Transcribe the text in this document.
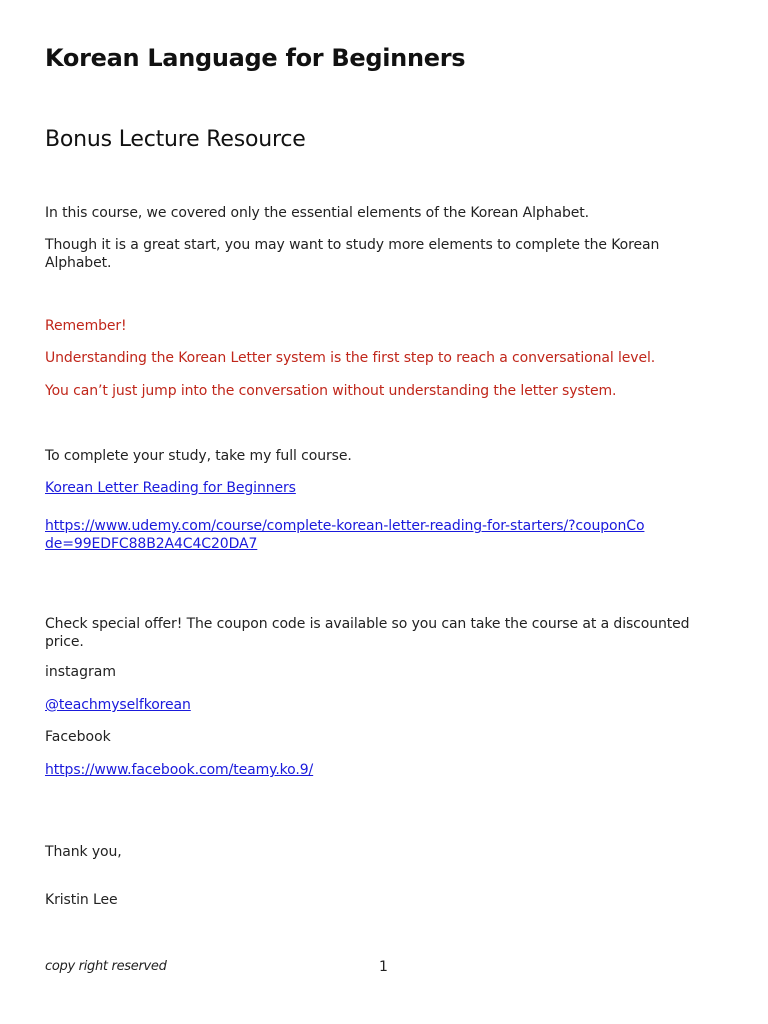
Korean Language for Beginners
Bonus Lecture Resource

In this course, we covered only the essential elements of the Korean Alphabet.

Though it is a great start, you may want to study more elements to complete the Korean Alphabet.

Remember!

Understanding the Korean Letter system is the first step to reach a conversational level.

You can’t just jump into the conversation without understanding the letter system.

To complete your study, take my full course.

Korean Letter Reading for Beginners
https://www.udemy.com/course/complete-korean-letter-reading-for-starters/?couponCode=99EDFC88B2A4C4C20DA7

Check special offer! The coupon code is available so you can take the course at a discounted price.

instagram

@teachmyselfkorean

Facebook

https://www.facebook.com/teamy.ko.9/

Thank you,

Kristin Lee

copy right reserved	1
